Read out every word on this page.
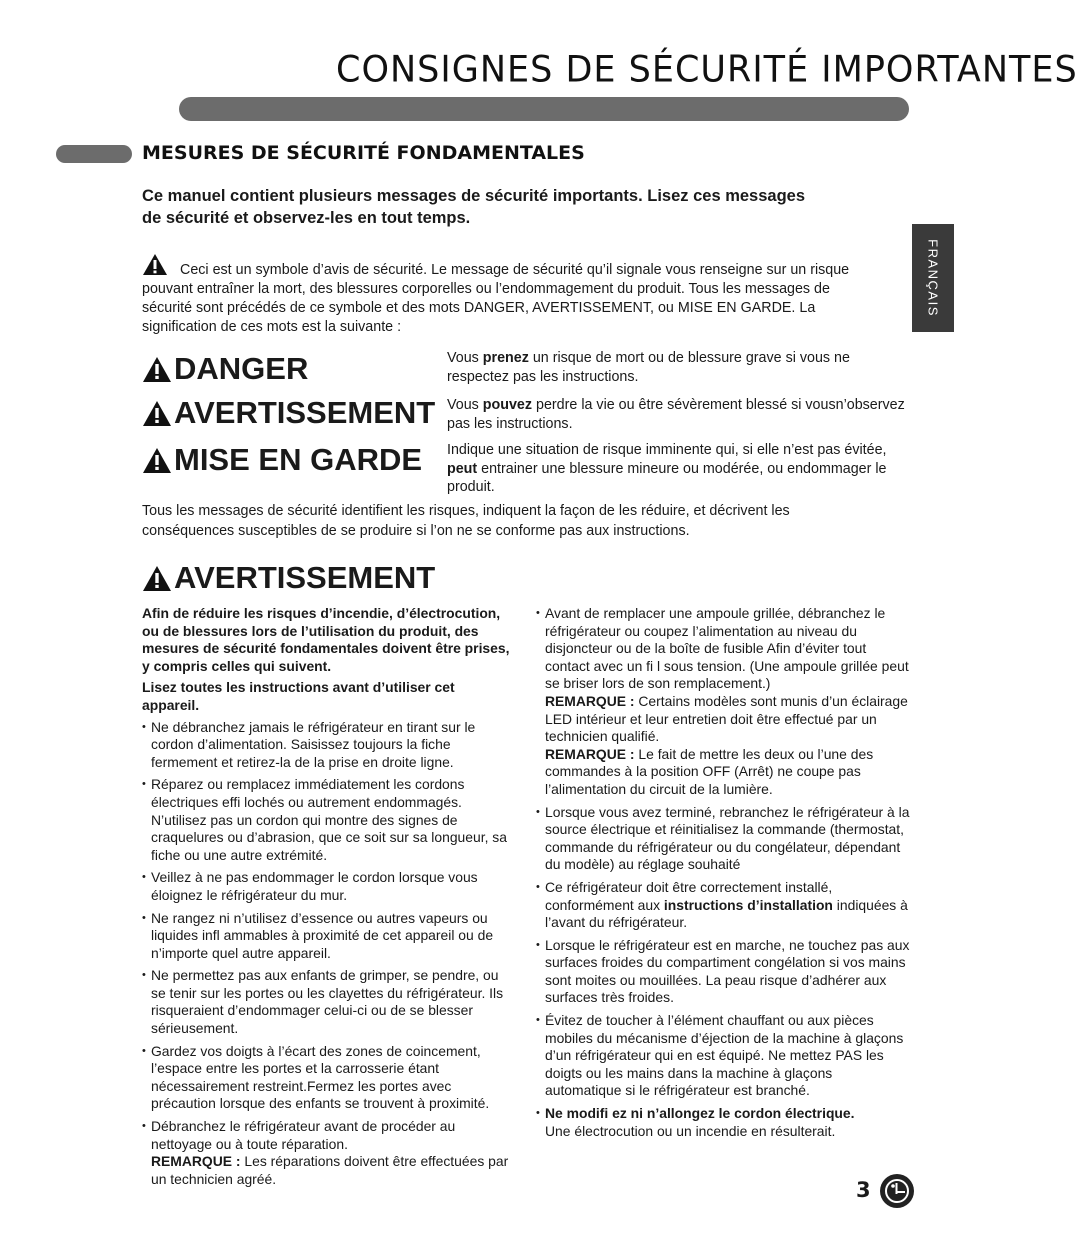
CONSIGNES DE SÉCURITÉ IMPORTANTES
MESURES DE SÉCURITÉ FONDAMENTALES
FRANÇAIS
Ce manuel contient plusieurs messages de sécurité importants. Lisez ces messages de sécurité et observez-les en tout temps.
Ceci est un symbole d’avis de sécurité. Le message de sécurité qu’il signale vous renseigne sur un risque pouvant entraîner la mort, des blessures corporelles ou l’endommagement du produit. Tous les messages de sécurité sont précédés de ce symbole et des mots DANGER, AVERTISSEMENT, ou MISE EN GARDE. La signification de ces mots est la suivante :
DANGER	Vous prenez un risque de mort ou de blessure grave si vous ne respectez pas les instructions.
AVERTISSEMENT Vous pouvez perdre la vie ou être sévèrement blessé si vousn’observez pas les instructions.
MISE EN GARDE Indique une situation de risque imminente qui, si elle n’est pas évitée, peut entrainer une blessure mineure ou modérée, ou endommager le produit.
Tous les messages de sécurité identifient les risques, indiquent la façon de les réduire, et décrivent les conséquences susceptibles de se produire si l’on ne se conforme pas aux instructions.
AVERTISSEMENT

Afin de réduire les risques d’incendie, d’électrocution, ou de blessures lors de l’utilisation du produit, des mesures de sécurité fondamentales doivent être prises, y compris celles qui suivent.

Lisez toutes les instructions avant d’utiliser cet appareil.

• Ne débranchez jamais le réfrigérateur en tirant sur le cordon d’alimentation. Saisissez toujours la fiche fermement et retirez-la de la prise en droite ligne.
• Réparez ou remplacez immédiatement les cordons électriques effi lochés ou autrement endommagés. N’utilisez pas un cordon qui montre des signes de craquelures ou d’abrasion, que ce soit sur sa longueur, sa fiche ou une autre extrémité.
• Veillez à ne pas endommager le cordon lorsque vous éloignez le réfrigérateur du mur.
• Ne rangez ni n’utilisez d’essence ou autres vapeurs ou liquides infl ammables à proximité de cet appareil ou de n’importe quel autre appareil.
• Ne permettez pas aux enfants de grimper, se pendre, ou se tenir sur les portes ou les clayettes du réfrigérateur. Ils risqueraient d’endommager celui-ci ou de se blesser sérieusement.
• Gardez vos doigts à l’écart des zones de coincement, l’espace entre les portes et la carrosserie étant nécessairement restreint.Fermez les portes avec précaution lorsque des enfants se trouvent à proximité.
• Débranchez le réfrigérateur avant de procéder au nettoyage ou à toute réparation.
REMARQUE : Les réparations doivent être effectuées par un technicien agréé.
• Avant de remplacer une ampoule grillée, débranchez le réfrigérateur ou coupez l’alimentation au niveau du disjoncteur ou de la boîte de fusible Afin d’éviter tout contact avec un fi l sous tension. (Une ampoule grillée peut se briser lors de son remplacement.)
REMARQUE : Certains modèles sont munis d’un éclairage LED intérieur et leur entretien doit être effectué par un technicien qualifié.
REMARQUE : Le fait de mettre les deux ou l’une des commandes à la position OFF (Arrêt) ne coupe pas l’alimentation du circuit de la lumière.
• Lorsque vous avez terminé, rebranchez le réfrigérateur à la source électrique et réinitialisez la commande (thermostat, commande du réfrigérateur ou du congélateur, dépendant du modèle) au réglage souhaité
• Ce réfrigérateur doit être correctement installé, conformément aux instructions d’installation indiquées à l’avant du réfrigérateur.
• Lorsque le réfrigérateur est en marche, ne touchez pas aux surfaces froides du compartiment congélation si vos mains sont moites ou mouillées. La peau risque d’adhérer aux surfaces très froides.
• Évitez de toucher à l’élément chauffant ou aux pièces mobiles du mécanisme d’éjection de la machine à glaçons d’un réfrigérateur qui en est équipé. Ne mettez PAS les doigts ou les mains dans la machine à glaçons automatique si le réfrigérateur est branché.
• Ne modifi ez ni n’allongez le cordon électrique.
Une électrocution ou un incendie en résulterait.
3
LG
